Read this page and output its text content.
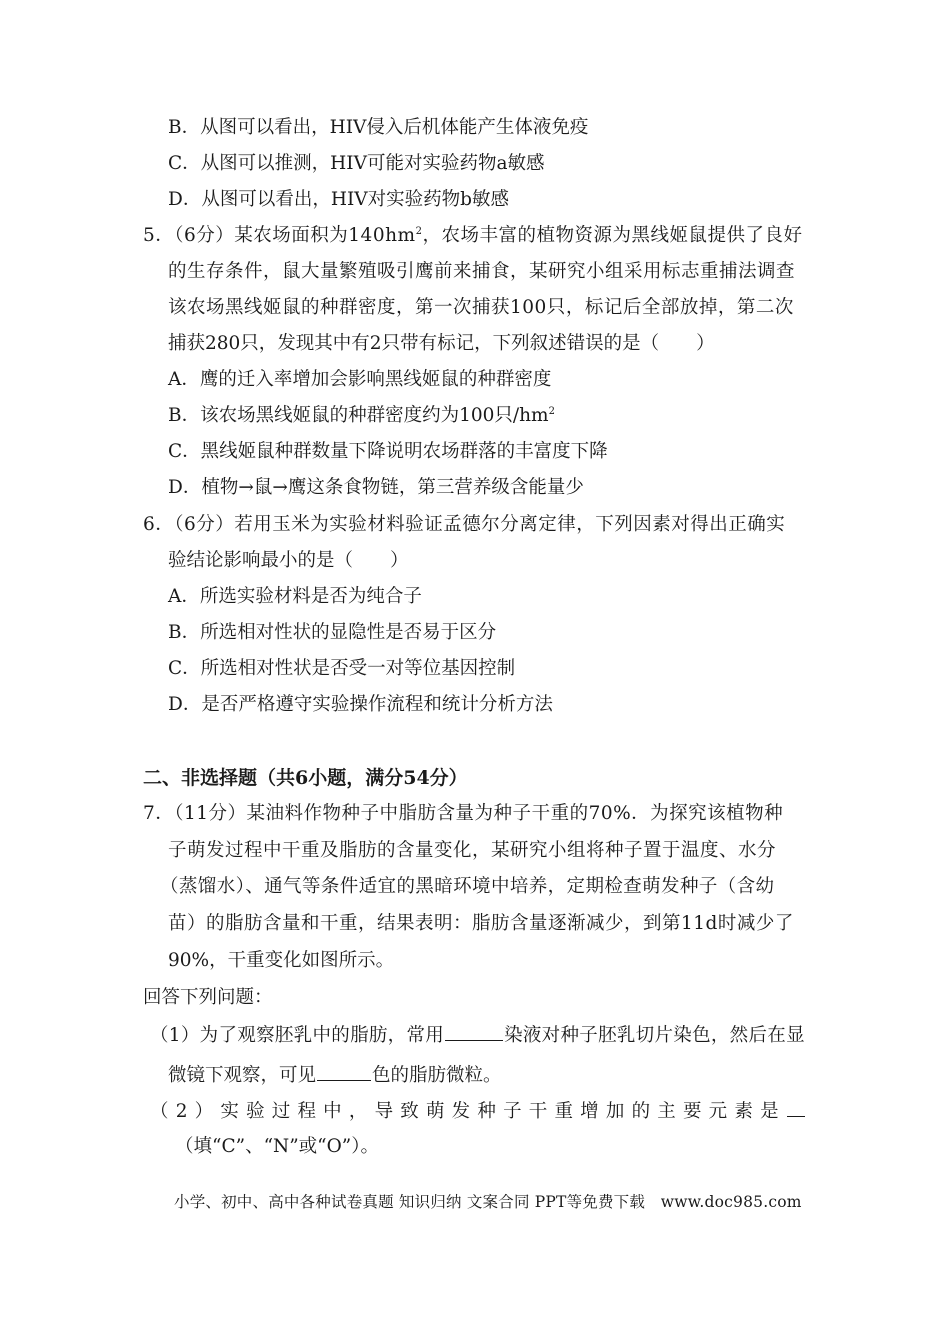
B．从图可以看出，HIV侵入后机体能产生体液免疫
C．从图可以推测，HIV可能对实验药物a敏感
D．从图可以看出，HIV对实验药物b敏感
5．（6分）某农场面积为$140hm^2$，农场丰富的植物资源为黑线姬鼠提供了良好
的生存条件，鼠大量繁殖吸引鹰前来捕食，某研究小组采用标志重捕法调查
该农场黑线姬鼠的种群密度，第一次捕获100只，标记后全部放掉，第二次
捕获280只，发现其中有2只带有标记，下列叙述错误的是（　　）
A．鹰的迁入率增加会影响黑线姬鼠的种群密度
B．该农场黑线姬鼠的种群密度约为100只$/hm^2$
C．黑线姬鼠种群数量下降说明农场群落的丰富度下降
D．植物→鼠→鹰这条食物链，第三营养级含能量少
6．（6分）若用玉米为实验材料验证孟德尔分离定律，下列因素对得出正确实
验结论影响最小的是（　　）
A．所选实验材料是否为纯合子
B．所选相对性状的显隐性是否易于区分
C．所选相对性状是否受一对等位基因控制
D．是否严格遵守实验操作流程和统计分析方法
二、非选择题（共6小题，满分54分）
7．（11分）某油料作物种子中脂肪含量为种子干重的70%．为探究该植物种
子萌发过程中干重及脂肪的含量变化，某研究小组将种子置于温度、水分
（蒸馏水）、通气等条件适宜的黑暗环境中培养，定期检查萌发种子（含幼
苗）的脂肪含量和干重，结果表明：脂肪含量逐渐减少，到第11d时减少了
90%，干重变化如图所示。
回答下列问题：
（1）为了观察胚乳中的脂肪，常用	染液对种子胚乳切片染色，然后在显
微镜下观察，可见	色的脂肪微粒。
（2）实验过程中，导致萌发种子干重增加的主要元素是
（填“C”、“N”或“O”）。
小学、初中、高中各种试卷真题 知识归纳 文案合同 PPT等免费下载　www.doc985.com
